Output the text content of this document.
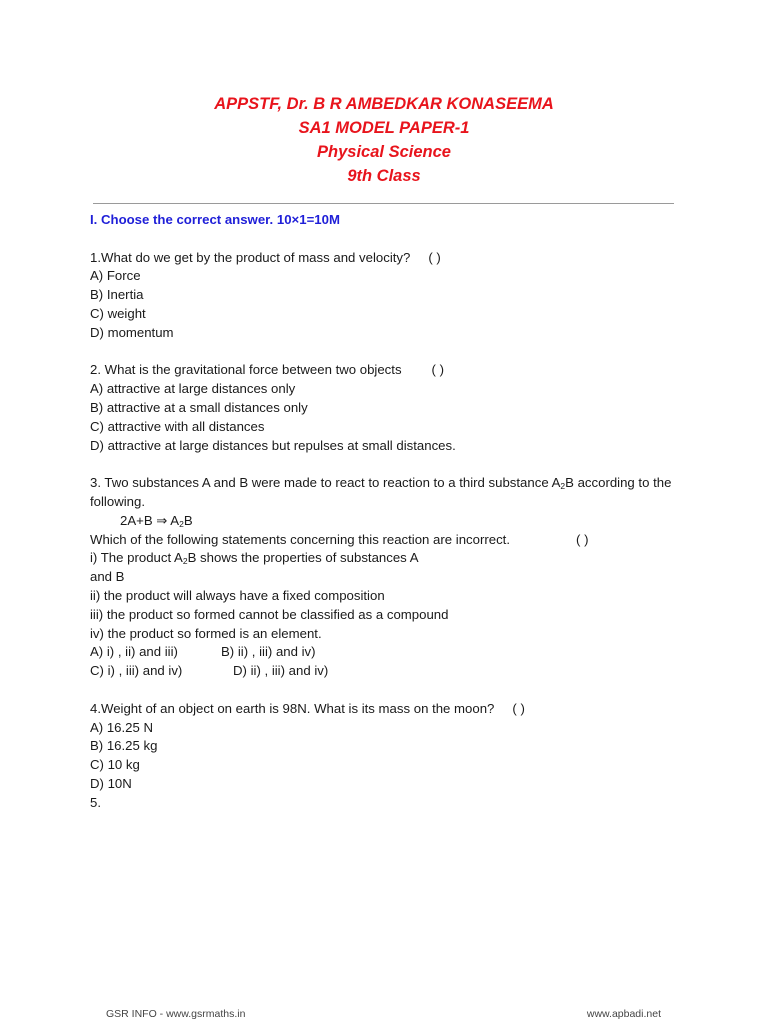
APPSTF, Dr. B R AMBEDKAR KONASEEMA
SA1 MODEL PAPER-1
Physical Science
9th Class
I. Choose the correct answer. 10×1=10M
1.What do we get by the product of mass and velocity? ( )
A) Force
B) Inertia
C) weight
D) momentum
2. What is the gravitational force between two objects ( )
A) attractive at large distances only
B) attractive at a small distances only
C) attractive with all distances
D) attractive at large distances but repulses at small distances.
3. Two substances A and B were made to react to reaction to a third substance $A_2B$ according to the following.
2A+B ⇒ $A_2B$
Which of the following statements concerning this reaction are incorrect.	( )
i) The product $A_2B$ shows the properties of substances A
and B
ii) the product will always have a fixed composition
iii) the product so formed cannot be classified as a compound
iv) the product so formed is an element.
A) i) , ii) and iii)	B) ii) , iii) and iv)
C) i) , iii) and iv)	D) ii) , iii) and iv)
4.Weight of an object on earth is 98N. What is its mass on the moon? ( )
A) 16.25 N
B) 16.25 kg
C) 10 kg
D) 10N
5.
GSR INFO - www.gsrmaths.in	www.apbadi.net
